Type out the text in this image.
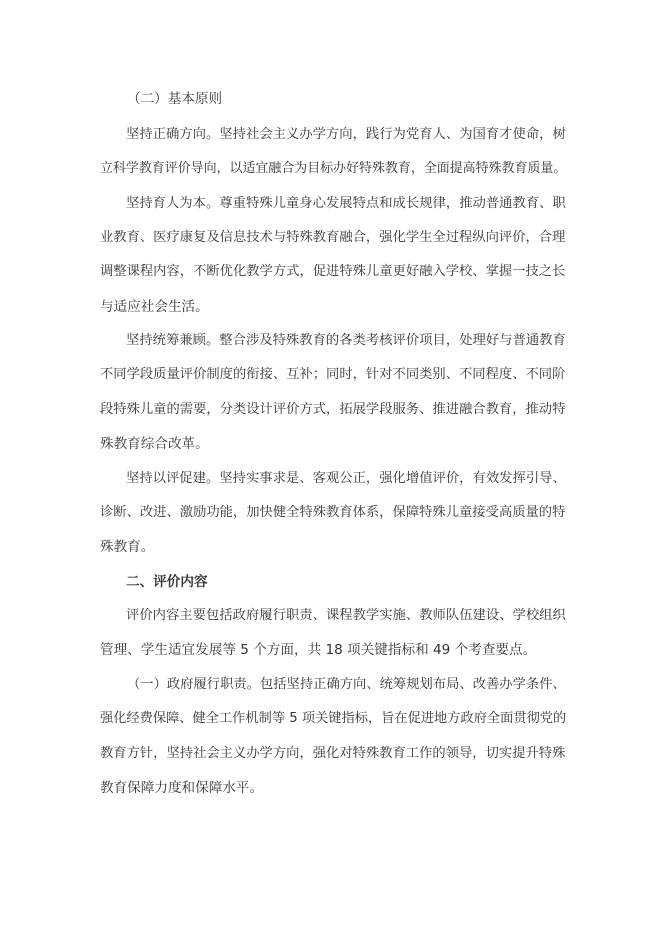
（二）基本原则
坚持正确方向。坚持社会主义办学方向，践行为党育人、为国育才使命，树
立科学教育评价导向，以适宜融合为目标办好特殊教育，全面提高特殊教育质量。
坚持育人为本。尊重特殊儿童身心发展特点和成长规律，推动普通教育、职
业教育、医疗康复及信息技术与特殊教育融合，强化学生全过程纵向评价，合理
调整课程内容，不断优化教学方式，促进特殊儿童更好融入学校、掌握一技之长
与适应社会生活。
坚持统筹兼顾。整合涉及特殊教育的各类考核评价项目，处理好与普通教育
不同学段质量评价制度的衔接、互补；同时，针对不同类别、不同程度、不同阶
段特殊儿童的需要，分类设计评价方式，拓展学段服务、推进融合教育，推动特
殊教育综合改革。
坚持以评促建。坚持实事求是、客观公正，强化增值评价，有效发挥引导、
诊断、改进、激励功能，加快健全特殊教育体系，保障特殊儿童接受高质量的特
殊教育。
二、评价内容
评价内容主要包括政府履行职责、课程教学实施、教师队伍建设、学校组织
管理、学生适宜发展等 5 个方面，共 18 项关键指标和 49 个考查要点。
（一）政府履行职责。包括坚持正确方向、统筹规划布局、改善办学条件、
强化经费保障、健全工作机制等 5 项关键指标，旨在促进地方政府全面贯彻党的
教育方针，坚持社会主义办学方向，强化对特殊教育工作的领导，切实提升特殊
教育保障力度和保障水平。
